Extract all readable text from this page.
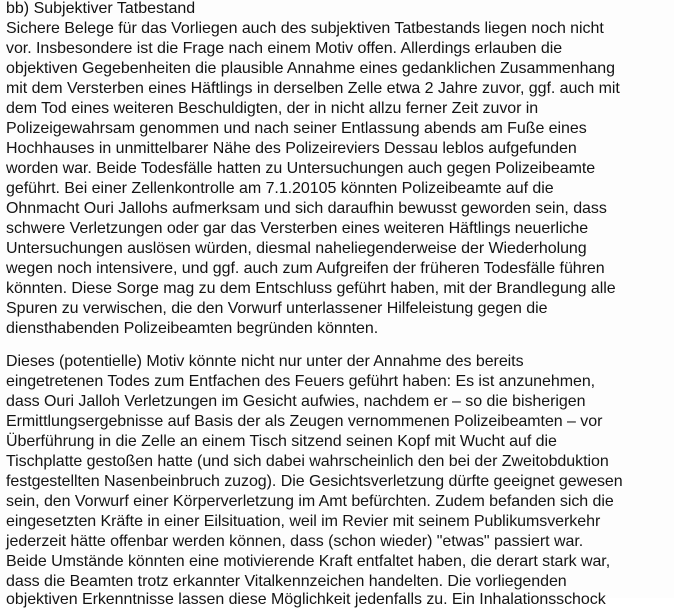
bb) Subjektiver Tatbestand
Sichere Belege für das Vorliegen auch des subjektiven Tatbestands liegen noch nicht
vor. Insbesondere ist die Frage nach einem Motiv offen. Allerdings erlauben die
objektiven Gegebenheiten die plausible Annahme eines gedanklichen Zusammenhang
mit dem Versterben eines Häftlings in derselben Zelle etwa 2 Jahre zuvor, ggf. auch mit
dem Tod eines weiteren Beschuldigten, der in nicht allzu ferner Zeit zuvor in
Polizeigewahrsam genommen und nach seiner Entlassung abends am Fuße eines
Hochhauses in unmittelbarer Nähe des Polizeireviers Dessau leblos aufgefunden
worden war. Beide Todesfälle hatten zu Untersuchungen auch gegen Polizeibeamte
geführt. Bei einer Zellenkontrolle am 7.1.20105 könnten Polizeibeamte auf die
Ohnmacht Ouri Jallohs aufmerksam und sich daraufhin bewusst geworden sein, dass
schwere Verletzungen oder gar das Versterben eines weiteren Häftlings neuerliche
Untersuchungen auslösen würden, diesmal naheliegenderweise der Wiederholung
wegen noch intensivere, und ggf. auch zum Aufgreifen der früheren Todesfälle führen
könnten. Diese Sorge mag zu dem Entschluss geführt haben, mit der Brandlegung alle
Spuren zu verwischen, die den Vorwurf unterlassener Hilfeleistung gegen die
diensthabenden Polizeibeamten begründen könnten.
Dieses (potentielle) Motiv könnte nicht nur unter der Annahme des bereits
eingetretenen Todes zum Entfachen des Feuers geführt haben: Es ist anzunehmen,
dass Ouri Jalloh Verletzungen im Gesicht aufwies, nachdem er – so die bisherigen
Ermittlungsergebnisse auf Basis der als Zeugen vernommenen Polizeibeamten – vor
Überführung in die Zelle an einem Tisch sitzend seinen Kopf mit Wucht auf die
Tischplatte gestoßen hatte (und sich dabei wahrscheinlich den bei der Zweitobduktion
festgestellten Nasenbeinbruch zuzog). Die Gesichtsverletzung dürfte geeignet gewesen
sein, den Vorwurf einer Körperverletzung im Amt befürchten. Zudem befanden sich die
eingesetzten Kräfte in einer Eilsituation, weil im Revier mit seinem Publikumsverkehr
jederzeit hätte offenbar werden können, dass (schon wieder) "etwas" passiert war.
Beide Umstände könnten eine motivierende Kraft entfaltet haben, die derart stark war,
dass die Beamten trotz erkannter Vitalkennzeichen handelten. Die vorliegenden
objektiven Erkenntnisse lassen diese Möglichkeit jedenfalls zu. Ein Inhalationsschock
